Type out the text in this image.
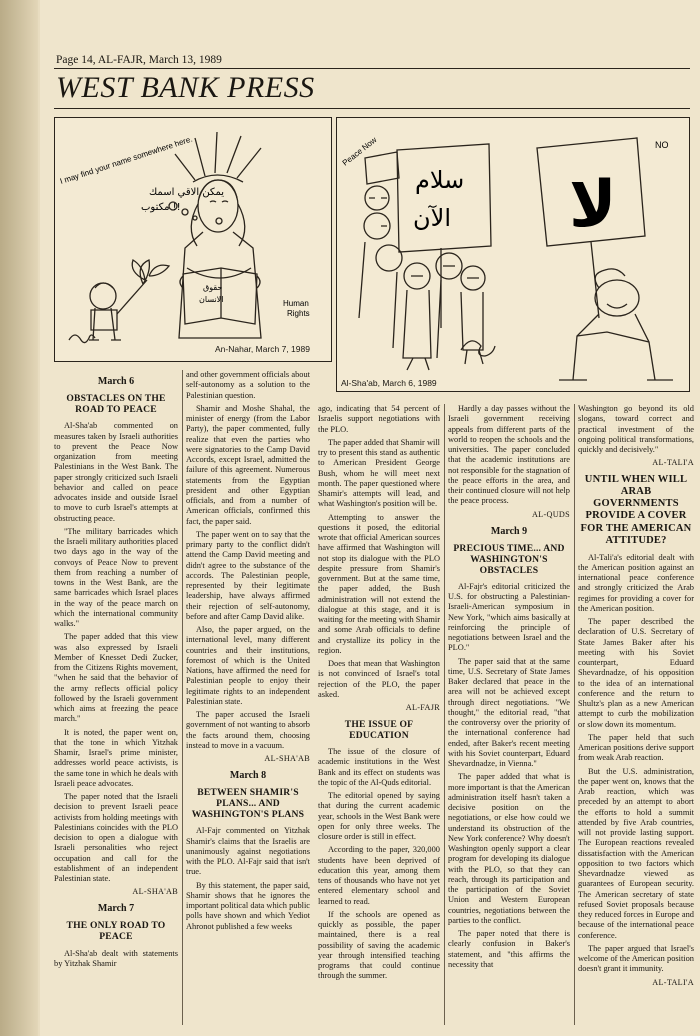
Page 14, AL-FAJR, March 13, 1989
WEST BANK PRESS
I may find your name somewhere here.
يمكن الاقي اسمك
مكتوب !!
حقوق
الانسان	Human
Rights
An-Nahar, March 7, 1989
Peace Now
سلام
الآن
NO
لا
Al-Sha'ab, March 6, 1989
March 6
OBSTACLES ON THE ROAD TO PEACE

Al-Sha'ab commented on measures taken by Israeli authorities to prevent the Peace Now organization from meeting Palestinians in the West Bank. The paper strongly criticized such Israeli behavior and called on peace advocates inside and outside Israel to move to curb Israel's attempts at obstructing peace.

"The military barricades which the Israeli military authorities placed two days ago in the way of the convoys of Peace Now to prevent them from reaching a number of towns in the West Bank, are the same barricades which Israel places in the way of the peace march on which the international community walks."

The paper added that this view was also expressed by Israeli Member of Knesset Dedi Zucker, from the Citizens Rights movement, "when he said that the behavior of the army reflects official policy followed by the Israeli government which aims at freezing the peace march."

It is noted, the paper went on, that the tone in which Yitzhak Shamir, Israel's prime minister, addresses world peace activists, is the same tone in which he deals with Israeli peace advocates.

The paper noted that the Israeli decision to prevent Israeli peace activists from holding meetings with Palestinians coincides with the PLO decision to open a dialogue with Israeli personalities who reject occupation and call for the establishment of an independent Palestinian state.

AL-SHA'AB
March 7
THE ONLY ROAD TO PEACE

Al-Sha'ab dealt with statements by Yitzhak Shamir

and other government officials about self-autonomy as a solution to the Palestinian question.

Shamir and Moshe Shahal, the minister of energy (from the Labor Party), the paper commented, fully realize that even the parties who were signatories to the Camp David Accords, except Israel, admitted the failure of this agreement. Numerous statements from the Egyptian president and other Egyptian officials, and from a number of American officials, confirmed this fact, the paper said.

The paper went on to say that the primary party to the conflict didn't attend the Camp David meeting and didn't agree to the substance of the accords. The Palestinian people, represented by their legitimate leadership, have always affirmed their rejection of self-autonomy, before and after Camp David alike.

Also, the paper argued, on the international level, many different countries and their institutions, foremost of which is the United Nations, have affirmed the need for Palestinian people to enjoy their legitimate rights to an independent Palestinian state.

The paper accused the Israeli government of not wanting to absorb the facts around them, choosing instead to move in a vacuum.

AL-SHA'AB
March 8
BETWEEN SHAMIR'S PLANS... AND WASHINGTON'S PLANS

Al-Fajr commented on Yitzhak Shamir's claims that the Israelis are unanimously against negotiations with the PLO. Al-Fajr said that isn't true.

By this statement, the paper said, Shamir shows that he ignores the important political data which public polls have shown and which Yediot Ahronot published a few weeks

ago, indicating that 54 percent of Israelis support negotiations with the PLO.

The paper added that Shamir will try to present this stand as authentic to American President George Bush, whom he will meet next month. The paper questioned where Shamir's attempts will lead, and what Washington's position will be.

Attempting to answer the questions it posed, the editorial wrote that official American sources have affirmed that Washington will not stop its dialogue with the PLO despite pressure from Shamir's government. But at the same time, the paper added, the Bush administration will not extend the dialogue at this stage, and it is waiting for the meeting with Shamir and some Arab officials to define and crystallize its policy in the region.

Does that mean that Washington is not convinced of Israel's total rejection of the PLO, the paper asked.

AL-FAJR
THE ISSUE OF EDUCATION

The issue of the closure of academic institutions in the West Bank and its effect on students was the topic of the Al-Quds editorial.

The editorial opened by saying that during the current academic year, schools in the West Bank were open for only three weeks. The closure order is still in effect.

According to the paper, 320,000 students have been deprived of education this year, among them tens of thousands who have not yet entered elementary school and learned to read.

If the schools are opened as quickly as possible, the paper maintained, there is a real possibility of saving the academic year through intensified teaching programs that could continue through the summer.

Hardly a day passes without the Israeli government receiving appeals from different parts of the world to reopen the schools and the universities. The paper concluded that the academic institutions are not responsible for the stagnation of the peace efforts in the area, and their continued closure will not help the peace process.

AL-QUDS
March 9
PRECIOUS TIME... AND WASHINGTON'S OBSTACLES

Al-Fajr's editorial criticized the U.S. for obstructing a Palestinian-Israeli-American symposium in New York, "which aims basically at reinforcing the principle of negotiations between Israel and the PLO."

The paper said that at the same time, U.S. Secretary of State James Baker declared that peace in the area will not be achieved except through direct negotiations. "We thought," the editorial read, "that the controversy over the priority of the international conference had ended, after Baker's recent meeting with his Soviet counterpart, Eduard Shevardnadze, in Vienna."

The paper added that what is more important is that the American administration itself hasn't taken a decisive position on the negotiations, or else how could we understand its obstruction of the New York conference? Why doesn't Washington openly support a clear program for developing its dialogue with the PLO, so that they can reach, through its participation and the participation of the Soviet Union and Western European countries, negotiations between the parties to the conflict.

The paper noted that there is clearly confusion in Baker's statement, and "this affirms the necessity that

Washington go beyond its old slogans, toward correct and practical investment of the ongoing political transformations, quickly and decisively."

AL-TALI'A
UNTIL WHEN WILL ARAB GOVERNMENTS PROVIDE A COVER FOR THE AMERICAN ATTITUDE?

Al-Tali'a's editorial dealt with the American position against an international peace conference and strongly criticized the Arab regimes for providing a cover for the American position.

The paper described the declaration of U.S. Secretary of State James Baker after his meeting with his Soviet counterpart, Eduard Shevardnadze, of his opposition to the idea of an international conference and the return to Shultz's plan as a new American attempt to curb the mobilization or slow down its momentum.

The paper held that such American positions derive support from weak Arab reaction.

But the U.S. administration, the paper went on, knows that the Arab reaction, which was preceded by an attempt to abort the efforts to hold a summit attended by five Arab countries, will not provide lasting support. The European reactions revealed dissatisfaction with the American opposition to two factors which Shevardnadze viewed as guarantees of European security. The American secretary of state refused Soviet proposals because they reduced forces in Europe and because of the international peace conference.

The paper argued that Israel's welcome of the American position doesn't grant it immunity.

AL-TALI'A
